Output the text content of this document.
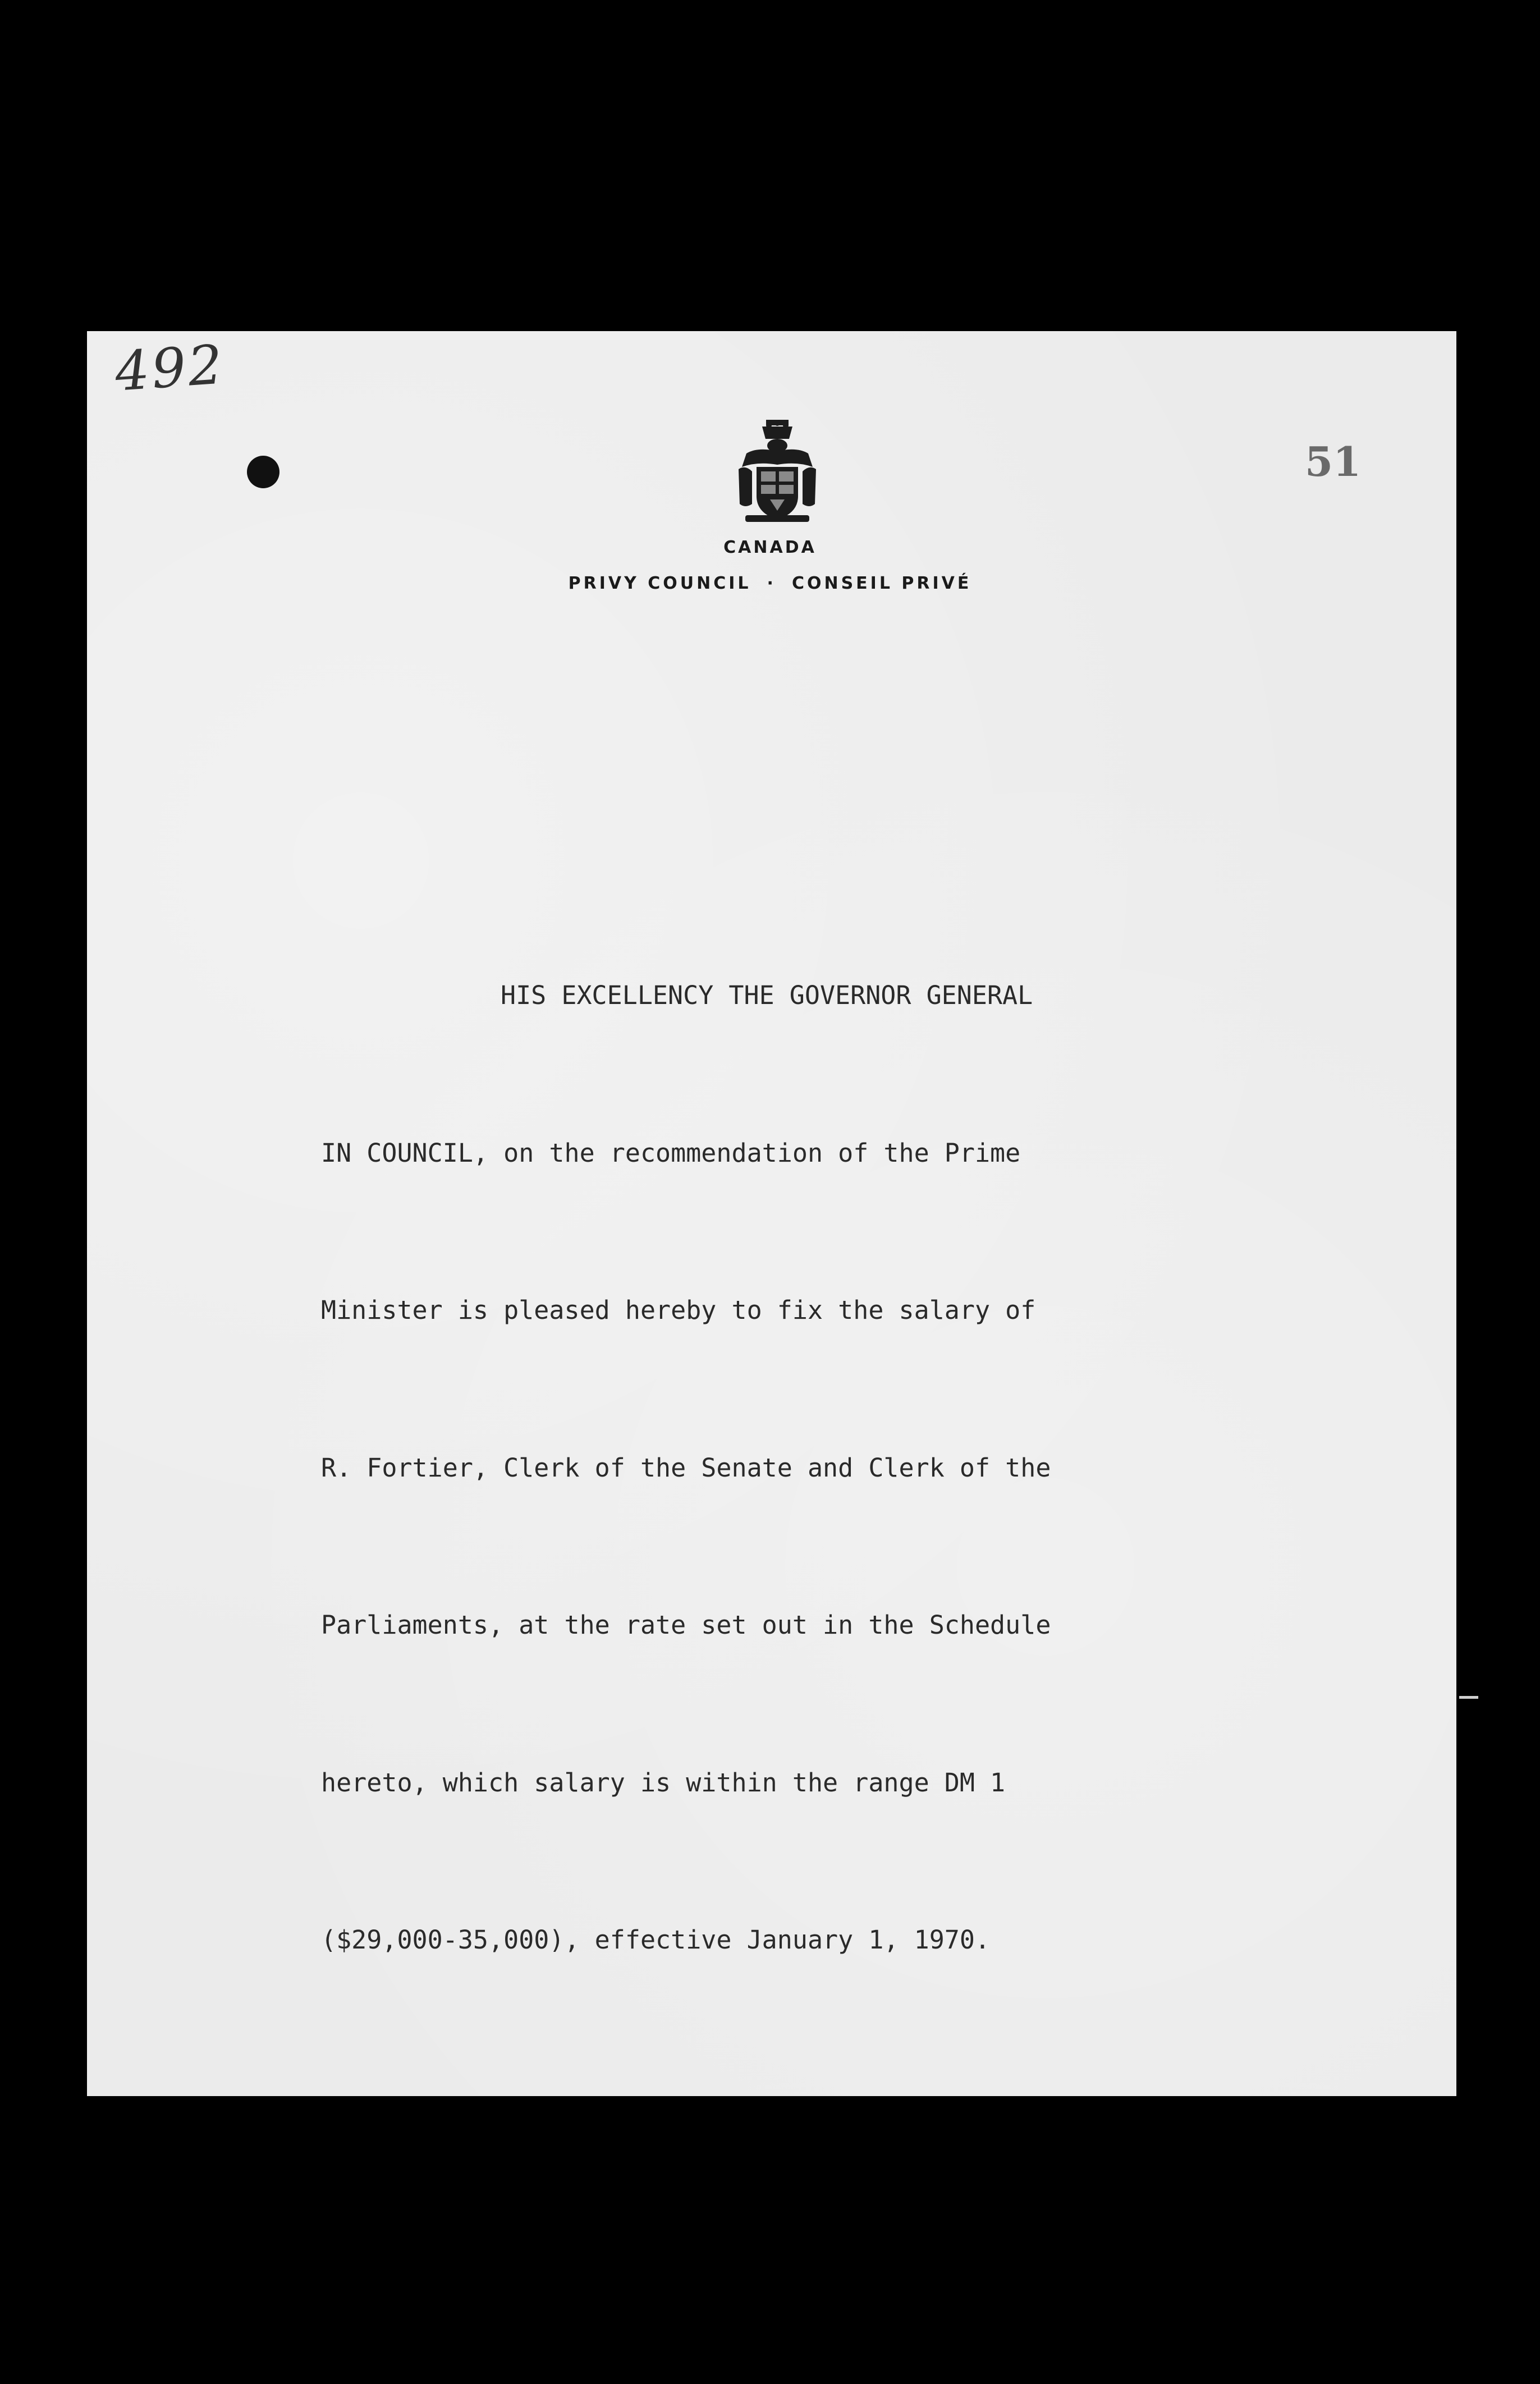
492
51
CANADA
PRIVY COUNCIL · CONSEIL PRIVÉ

HIS EXCELLENCY THE GOVERNOR GENERAL

IN COUNCIL, on the recommendation of the Prime

Minister is pleased hereby to fix the salary of

R. Fortier, Clerk of the Senate and Clerk of the

Parliaments, at the rate set out in the Schedule

hereto, which salary is within the range DM 1

($29,000-35,000), effective January 1, 1970.
